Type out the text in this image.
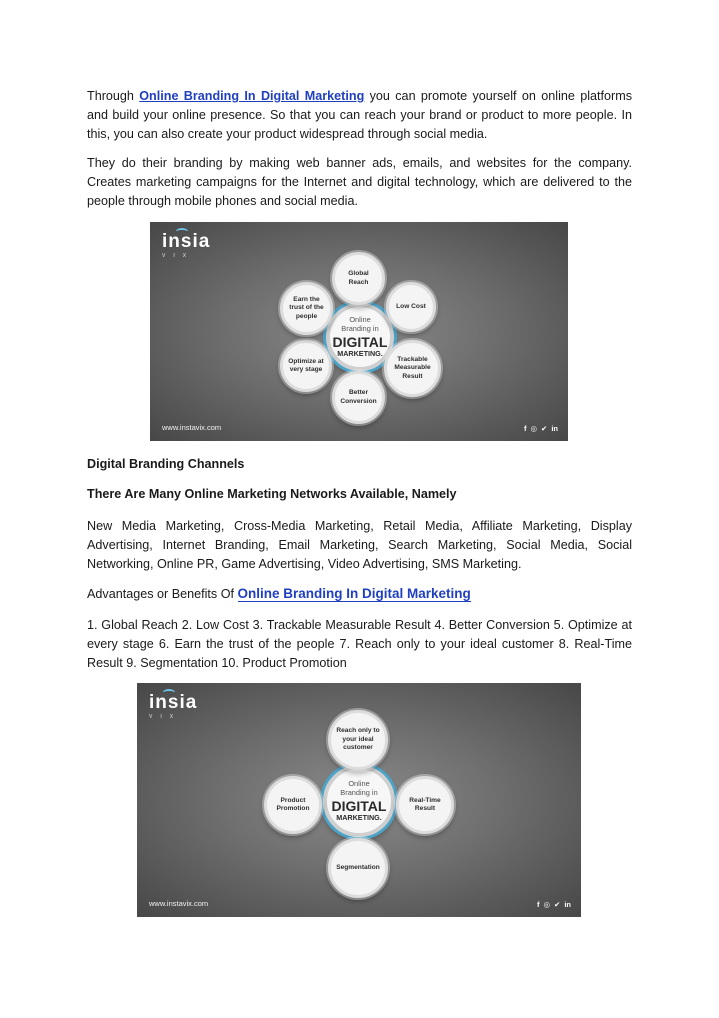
Through Online Branding In Digital Marketing you can promote yourself on online platforms and build your online presence. So that you can reach your brand or product to more people. In this, you can also create your product widespread through social media.

They do their branding by making web banner ads, emails, and websites for the company. Creates marketing campaigns for the Internet and digital technology, which are delivered to the people through mobile phones and social media.

insia
VIX
Online
Branding in
DIGITAL
MARKETING.
Global Reach
Low Cost
Trackable Measurable Result
Better Conversion
Optimize at very stage
Earn the trust of the people
www.instavix.com	f ◎ ✔ in

Digital Branding Channels

There Are Many Online Marketing Networks Available, Namely

New Media Marketing, Cross-Media Marketing, Retail Media, Affiliate Marketing, Display Advertising, Internet Branding, Email Marketing, Search Marketing, Social Media, Social Networking, Online PR, Game Advertising, Video Advertising, SMS Marketing.

Advantages or Benefits Of Online Branding In Digital Marketing

1. Global Reach 2. Low Cost 3. Trackable Measurable Result 4. Better Conversion 5. Optimize at every stage 6. Earn the trust of the people 7. Reach only to your ideal customer 8. Real-Time Result 9. Segmentation 10. Product Promotion

insia
VIX
Online
Branding in
DIGITAL
MARKETING.
Reach only to your ideal customer
Real-Time Result
Segmentation
Product Promotion
www.instavix.com	f ◎ ✔ in
